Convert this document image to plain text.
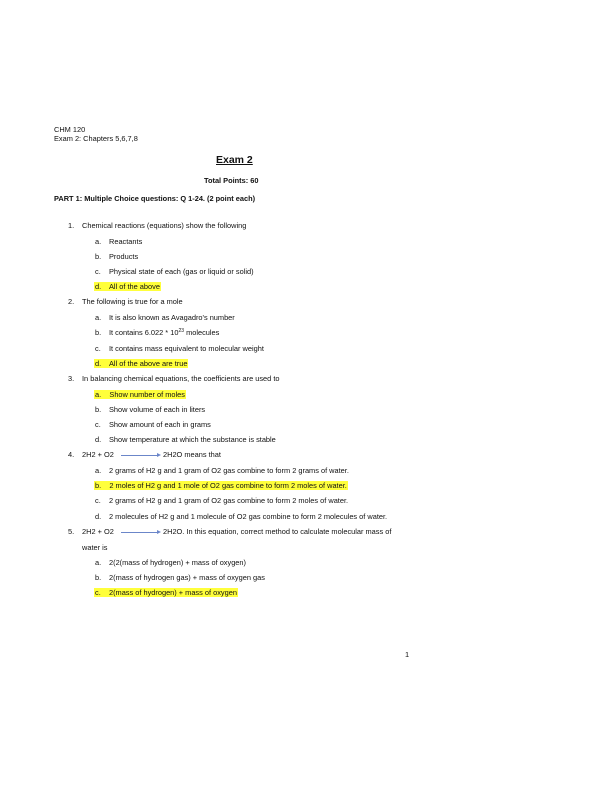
CHM 120
Exam 2: Chapters 5,6,7,8
Exam 2
Total Points: 60
PART 1: Multiple Choice questions: Q 1-24. (2 point each)
1. Chemical reactions (equations) show the following
a. Reactants
b. Products
c. Physical state of each (gas or liquid or solid)
d. All of the above
2. The following is true for a mole
a. It is also known as Avagadro's number
b. It contains $6.022 * 10^{23}$ molecules
c. It contains mass equivalent to molecular weight
d. All of the above are true
3. In balancing chemical equations, the coefficients are used to
a. Show number of moles
b. Show volume of each in liters
c. Show amount of each in grams
d. Show temperature at which the substance is stable
4. 2H2 + O2	2H2O means that
a. 2 grams of H2 g and 1 gram of O2 gas combine to form 2 grams of water.
b. 2 moles of H2 g and 1 mole of O2 gas combine to form 2 moles of water.
c. 2 grams of H2 g and 1 gram of O2 gas combine to form 2 moles of water.
d. 2 molecules of H2 g and 1 molecule of O2 gas combine to form 2 molecules of water.
5. 2H2 + O2	2H2O. In this equation, correct method to calculate molecular mass of
water is
a. 2(2(mass of hydrogen) + mass of oxygen)
b. 2(mass of hydrogen gas) + mass of oxygen gas
c. 2(mass of hydrogen) + mass of oxygen
1
